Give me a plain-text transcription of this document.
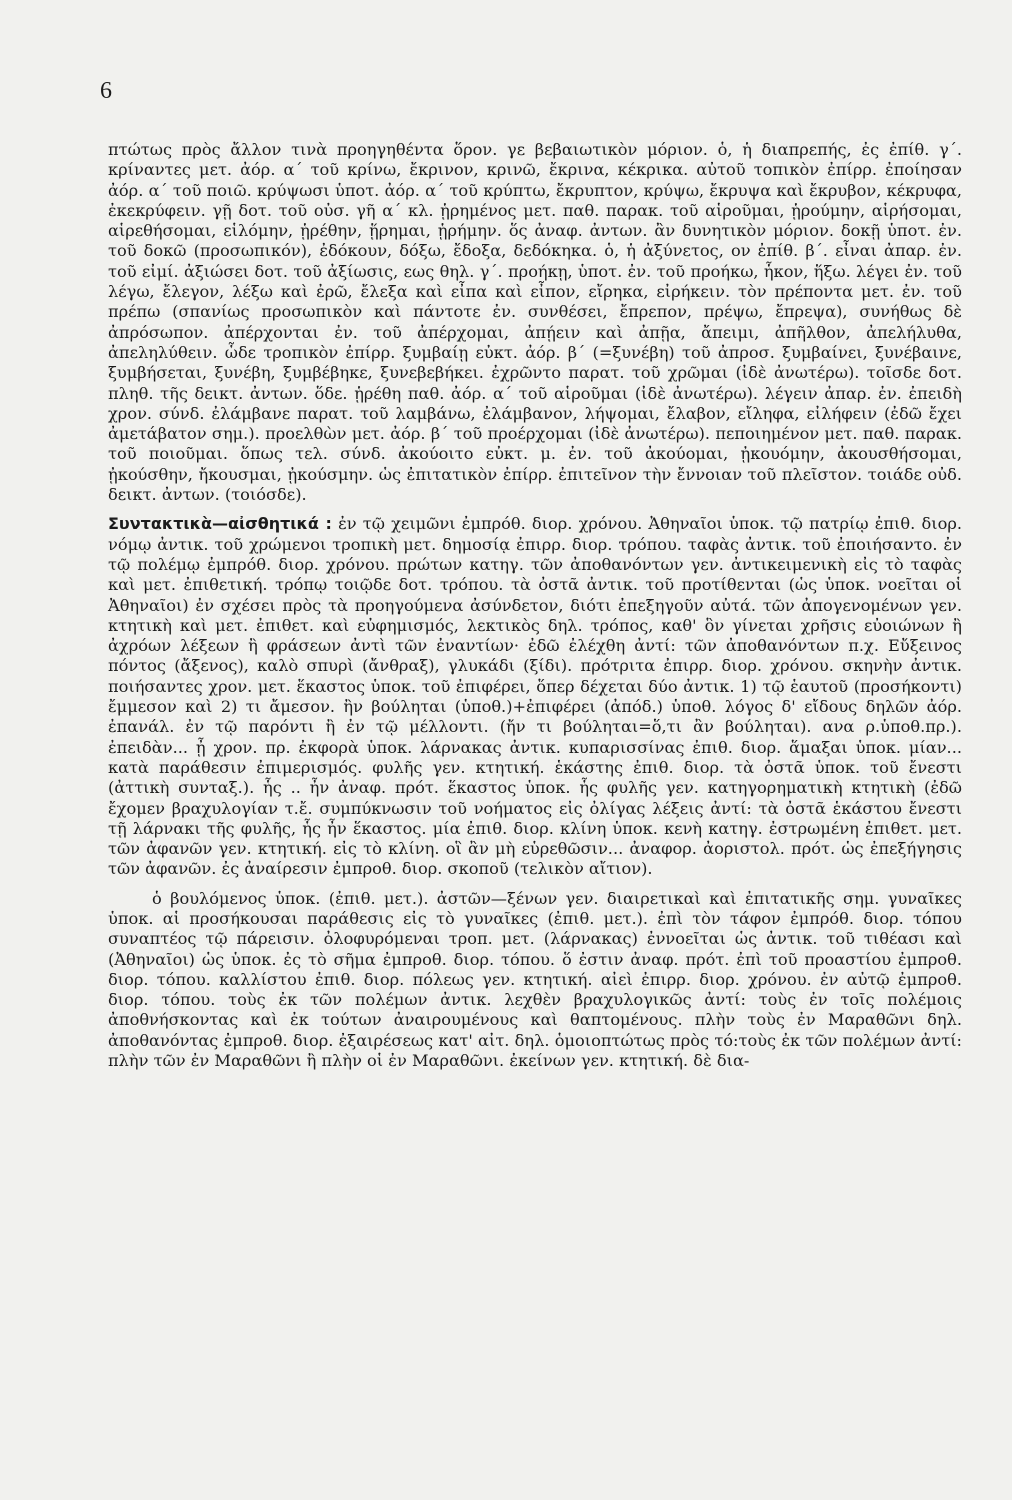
6

πτώτως πρὸς ἄλλον τινὰ προηγηθέντα ὅρον. γε βεβαιωτικὸν μόριον. ὁ, ἡ διαπρεπής, ἐς ἐπίθ. γ΄. κρίναντες μετ. ἀόρ. α΄ τοῦ κρίνω, ἔκρινον, κρινῶ, ἔκρινα, κέκρικα. αὐτοῦ τοπικὸν ἐπίρρ. ἐποίησαν ἀόρ. α΄ τοῦ ποιῶ. κρύψωσι ὑποτ. ἀόρ. α΄ τοῦ κρύπτω, ἔκρυπτον, κρύψω, ἔκρυψα καὶ ἔκρυβον, κέκρυφα, ἐκεκρύφειν. γῇ δοτ. τοῦ οὐσ. γῆ α΄ κλ. ᾑρημένος μετ. παθ. παρακ. τοῦ αἱροῦμαι, ᾑρούμην, αἱρήσομαι, αἱρεθήσομαι, εἱλόμην, ᾑρέθην, ᾕρημαι, ᾑρήμην. ὅς ἀναφ. ἀντων. ἂν δυνητικὸν μόριον. δοκῇ ὑποτ. ἐν. τοῦ δοκῶ (προσωπικόν), ἐδόκουν, δόξω, ἔδοξα, δεδόκηκα. ὁ, ἡ ἀξύνετος, ον ἐπίθ. β΄. εἶναι ἀπαρ. ἐν. τοῦ εἰμί. ἀξιώσει δοτ. τοῦ ἀξίωσις, εως θηλ. γ΄. προήκῃ, ὑποτ. ἐν. τοῦ προήκω, ἧκον, ἥξω. λέγει ἐν. τοῦ λέγω, ἔλεγον, λέξω καὶ ἐρῶ, ἔλεξα καὶ εἶπα καὶ εἶπον, εἴρηκα, εἰρήκειν. τὸν πρέποντα μετ. ἐν. τοῦ πρέπω (σπανίως προσωπικὸν καὶ πάντοτε ἐν. συνθέσει, ἔπρεπον, πρέψω, ἔπρεψα), συνήθως δὲ ἀπρόσωπον. ἀπέρχονται ἐν. τοῦ ἀπέρχομαι, ἀπῄειν καὶ ἀπῇα, ἄπειμι, ἀπῆλθον, ἀπελήλυθα, ἀπεληλύθειν. ὧδε τροπικὸν ἐπίρρ. ξυμβαίῃ εὐκτ. ἀόρ. β΄ (=ξυνέβη) τοῦ ἀπροσ. ξυμβαίνει, ξυνέβαινε, ξυμβήσεται, ξυνέβη, ξυμβέβηκε, ξυνεβεβήκει. ἐχρῶντο παρατ. τοῦ χρῶμαι (ἰδὲ ἀνωτέρω). τοῖσδε δοτ. πληθ. τῆς δεικτ. ἀντων. ὅδε. ᾑρέθη παθ. ἀόρ. α΄ τοῦ αἱροῦμαι (ἰδὲ ἀνωτέρω). λέγειν ἀπαρ. ἐν. ἐπειδὴ χρον. σύνδ. ἐλάμβανε παρατ. τοῦ λαμβάνω, ἐλάμβανον, λήψομαι, ἔλαβον, εἴληφα, εἰλήφειν (ἐδῶ ἔχει ἀμετάβατον σημ.). προελθὼν μετ. ἀόρ. β΄ τοῦ προέρχομαι (ἰδὲ ἀνωτέρω). πεποιημένον μετ. παθ. παρακ. τοῦ ποιοῦμαι. ὅπως τελ. σύνδ. ἀκούοιτο εὐκτ. μ. ἐν. τοῦ ἀκούομαι, ᾐκουόμην, ἀκουσθήσομαι, ᾐκούσθην, ἤκουσμαι, ᾐκούσμην. ὡς ἐπιτατικὸν ἐπίρρ. ἐπιτεῖνον τὴν ἔννοιαν τοῦ πλεῖστον. τοιάδε οὐδ. δεικτ. ἀντων. (τοιόσδε).

Συντακτικὰ—αἰσθητικά : ἐν τῷ χειμῶνι ἐμπρόθ. διορ. χρόνου. Ἀθηναῖοι ὑποκ. τῷ πατρίῳ ἐπιθ. διορ. νόμῳ ἀντικ. τοῦ χρώμενοι τροπικὴ μετ. δημοσίᾳ ἐπιρρ. διορ. τρόπου. ταφὰς ἀντικ. τοῦ ἐποιήσαντο. ἐν τῷ πολέμῳ ἐμπρόθ. διορ. χρόνου. πρώτων κατηγ. τῶν ἀποθανόντων γεν. ἀντικειμενικὴ εἰς τὸ ταφὰς καὶ μετ. ἐπιθετική. τρόπῳ τοιῷδε δοτ. τρόπου. τὰ ὀστᾶ ἀντικ. τοῦ προτίθενται (ὡς ὑποκ. νοεῖται οἱ Ἀθηναῖοι) ἐν σχέσει πρὸς τὰ προηγούμενα ἀσύνδετον, διότι ἐπεξηγοῦν αὐτά. τῶν ἀπογενομένων γεν. κτητικὴ καὶ μετ. ἐπιθετ. καὶ εὐφημισμός, λεκτικὸς δηλ. τρόπος, καθ' ὃν γίνεται χρῆσις εὐοιώνων ἢ ἀχρόων λέξεων ἢ φράσεων ἀντὶ τῶν ἐναντίων· ἐδῶ ἐλέχθη ἀντί: τῶν ἀποθανόντων π.χ. Εὔξεινος πόντος (ἄξενος), καλὸ σπυρὶ (ἄνθραξ), γλυκάδι (ξίδι). πρότριτα ἐπιρρ. διορ. χρόνου. σκηνὴν ἀντικ. ποιήσαντες χρον. μετ. ἕκαστος ὑποκ. τοῦ ἐπιφέρει, ὅπερ δέχεται δύο ἀντικ. 1) τῷ ἑαυτοῦ (προσήκοντι) ἔμμεσον καὶ 2) τι ἄμεσον. ἢν βούληται (ὑποθ.)+ἐπιφέρει (ἀπόδ.) ὑποθ. λόγος δ' εἴδους δηλῶν ἀόρ. ἐπανάλ. ἐν τῷ παρόντι ἢ ἐν τῷ μέλλοντι. (ἤν τι βούληται=ὅ,τι ἂν βούληται). ανα ρ.ὑποθ.πρ.). ἐπειδὰν... ᾖ χρον. πρ. ἐκφορὰ ὑποκ. λάρνακας ἀντικ. κυπαρισσίνας ἐπιθ. διορ. ἅμαξαι ὑποκ. μίαν... κατὰ παράθεσιν ἐπιμερισμός. φυλῆς γεν. κτητική. ἑκάστης ἐπιθ. διορ. τὰ ὀστᾶ ὑποκ. τοῦ ἔνεστι (ἀττικὴ συνταξ.). ἧς .. ἦν ἀναφ. πρότ. ἕκαστος ὑποκ. ἧς φυλῆς γεν. κατηγορηματικὴ κτητικὴ (ἐδῶ ἔχομεν βραχυλογίαν τ.ἔ. συμπύκνωσιν τοῦ νοήματος εἰς ὀλίγας λέξεις ἀντί: τὰ ὀστᾶ ἑκάστου ἔνεστι τῇ λάρνακι τῆς φυλῆς, ἧς ἦν ἕκαστος. μία ἐπιθ. διορ. κλίνη ὑποκ. κενὴ κατηγ. ἐστρωμένη ἐπιθετ. μετ. τῶν ἀφανῶν γεν. κτητική. εἰς τὸ κλίνη. οἳ ἂν μὴ εὑρεθῶσιν... ἀναφορ. ἀοριστολ. πρότ. ὡς ἐπεξήγησις τῶν ἀφανῶν. ἐς ἀναίρεσιν ἐμπροθ. διορ. σκοποῦ (τελικὸν αἴτιον).

ὁ βουλόμενος ὑποκ. (ἐπιθ. μετ.). ἀστῶν—ξένων γεν. διαιρετικαὶ καὶ ἐπιτατικῆς σημ. γυναῖκες ὑποκ. αἱ προσήκουσαι παράθεσις εἰς τὸ γυναῖκες (ἐπιθ. μετ.). ἐπὶ τὸν τάφον ἐμπρόθ. διορ. τόπου συναπτέος τῷ πάρεισιν. ὀλοφυρόμεναι τροπ. μετ. (λάρνακας) ἐννοεῖται ὡς ἀντικ. τοῦ τιθέασι καὶ (Ἀθηναῖοι) ὡς ὑποκ. ἐς τὸ σῆμα ἐμπροθ. διορ. τόπου. ὅ ἐστιν ἀναφ. πρότ. ἐπὶ τοῦ προαστίου ἐμπροθ. διορ. τόπου. καλλίστου ἐπιθ. διορ. πόλεως γεν. κτητική. αἰεὶ ἐπιρρ. διορ. χρόνου. ἐν αὐτῷ ἐμπροθ. διορ. τόπου. τοὺς ἐκ τῶν πολέμων ἀντικ. λεχθὲν βραχυλογικῶς ἀντί: τοὺς ἐν τοῖς πολέμοις ἀποθνήσκοντας καὶ ἐκ τούτων ἀναιρουμένους καὶ θαπτομένους. πλὴν τοὺς ἐν Μαραθῶνι δηλ. ἀποθανόντας ἐμπροθ. διορ. ἐξαιρέσεως κατ' αἰτ. δηλ. ὁμοιοπτώτως πρὸς τό:τοὺς ἐκ τῶν πολέμων ἀντί: πλὴν τῶν ἐν Μαραθῶνι ἢ πλὴν οἱ ἐν Μαραθῶνι. ἐκείνων γεν. κτητική. δὲ δια-
